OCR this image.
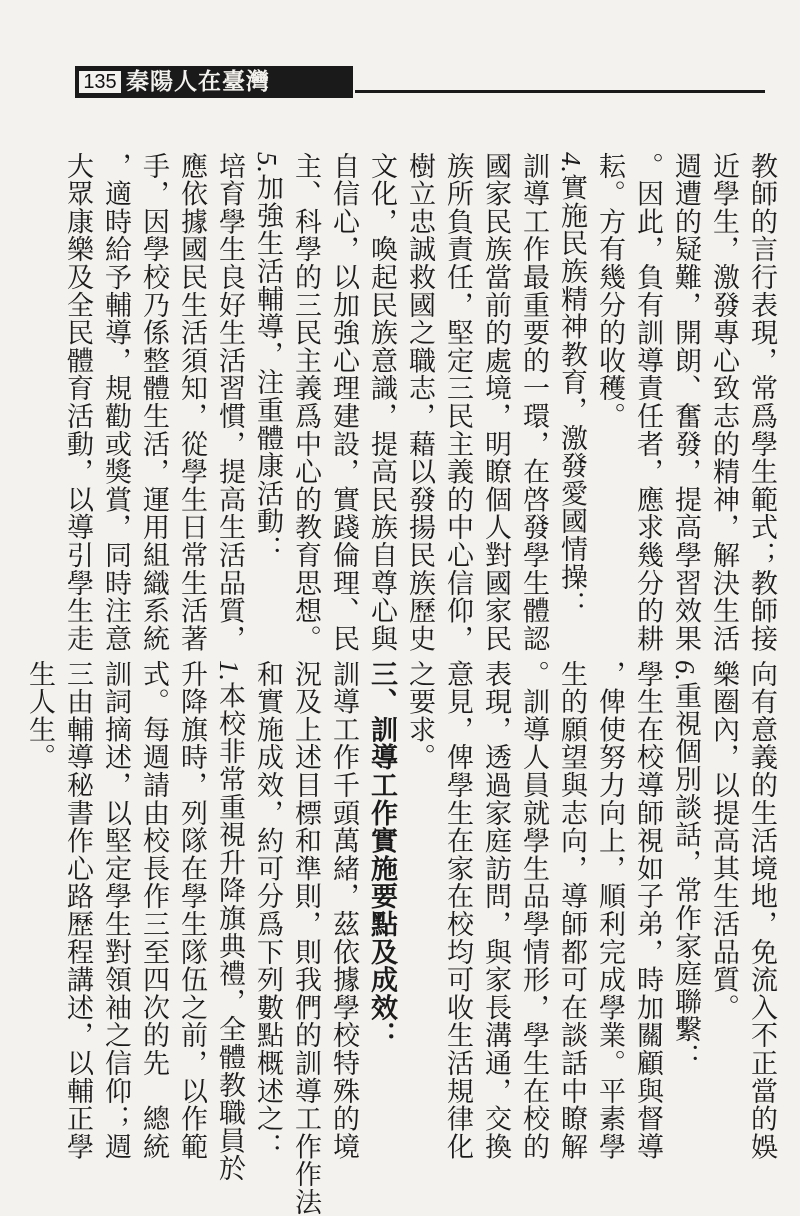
135 秦陽人在臺灣
教師的言行表現，常爲學生範式；教師接
近學生，激發專心致志的精神，解決生活
週遭的疑難，開朗、奮發，提高學習效果
。因此，負有訓導責任者，應求幾分的耕
耘。方有幾分的收穫。
4.實施民族精神教育，激發愛國情操：
訓導工作最重要的一環，在啓發學生體認
國家民族當前的處境，明瞭個人對國家民
族所負責任，堅定三民主義的中心信仰，
樹立忠誠救國之職志，藉以發揚民族歷史
文化，喚起民族意識，提高民族自尊心與
自信心，以加強心理建設，實踐倫理、民
主、科學的三民主義爲中心的教育思想。
5.加強生活輔導，注重體康活動：
培育學生良好生活習慣，提高生活品質，
應依據國民生活須知，從學生日常生活著
手，因學校乃係整體生活，運用組織系統
，適時給予輔導，規勸或獎賞，同時注意
大眾康樂及全民體育活動，以導引學生走
向有意義的生活境地，免流入不正當的娛
樂圈內，以提高其生活品質。
6.重視個別談話，常作家庭聯繫：
學生在校導師視如子弟，時加關顧與督導
，俾使努力向上，順利完成學業。平素學
生的願望與志向，導師都可在談話中瞭解
。訓導人員就學生品學情形，學生在校的
表現，透過家庭訪問，與家長溝通，交換
意見，俾學生在家在校均可收生活規律化
之要求。
三、訓導工作實施要點及成效：
訓導工作千頭萬緒，茲依據學校特殊的境
況及上述目標和準則，則我們的訓導工作作法
和實施成效，約可分爲下列數點概述之：
1.本校非常重視升降旗典禮，全體教職員於
升降旗時，列隊在學生隊伍之前，以作範
式。每週請由校長作三至四次的先　總統
訓詞摘述，以堅定學生對領袖之信仰；週
三由輔導秘書作心路歷程講述，以輔正學
生人生。
